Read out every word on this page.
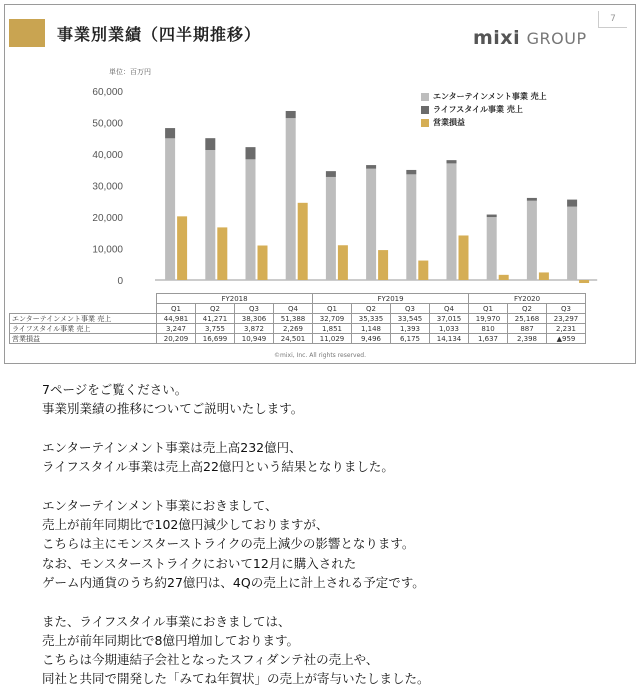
事業別業績（四半期推移）	mixi GROUP
7
単位：百万円
60,000
50,000
40,000
30,000
20,000
10,000
0
エンターテインメント事業 売上
ライフスタイル事業 売上
営業損益
	FY2018				FY2019				FY2020		
	Q1	Q2	Q3	Q4	Q1	Q2	Q3	Q4	Q1	Q2	Q3
エンターテインメント事業 売上	44,981	41,271	38,306	51,388	32,709	35,335	33,545	37,015	19,970	25,168	23,297
ライフスタイル事業 売上	3,247	3,755	3,872	2,269	1,851	1,148	1,393	1,033	810	887	2,231
営業損益	20,209	16,699	10,949	24,501	11,029	9,496	6,175	14,134	1,637	2,398	▲959
©mixi, Inc. All rights reserved.

7ページをご覧ください。

事業別業績の推移についてご説明いたします。

エンターテインメント事業は売上高232億円、

ライフスタイル事業は売上高22億円という結果となりました。

エンターテインメント事業におきまして、

売上が前年同期比で102億円減少しておりますが、

こちらは主にモンスターストライクの売上減少の影響となります。

なお、モンスターストライクにおいて12月に購入された

ゲーム内通貨のうち約27億円は、4Qの売上に計上される予定です。

また、ライフスタイル事業におきましては、

売上が前年同期比で8億円増加しております。

こちらは今期連結子会社となったスフィダンテ社の売上や、

同社と共同で開発した「みてね年賀状」の売上が寄与いたしました。
